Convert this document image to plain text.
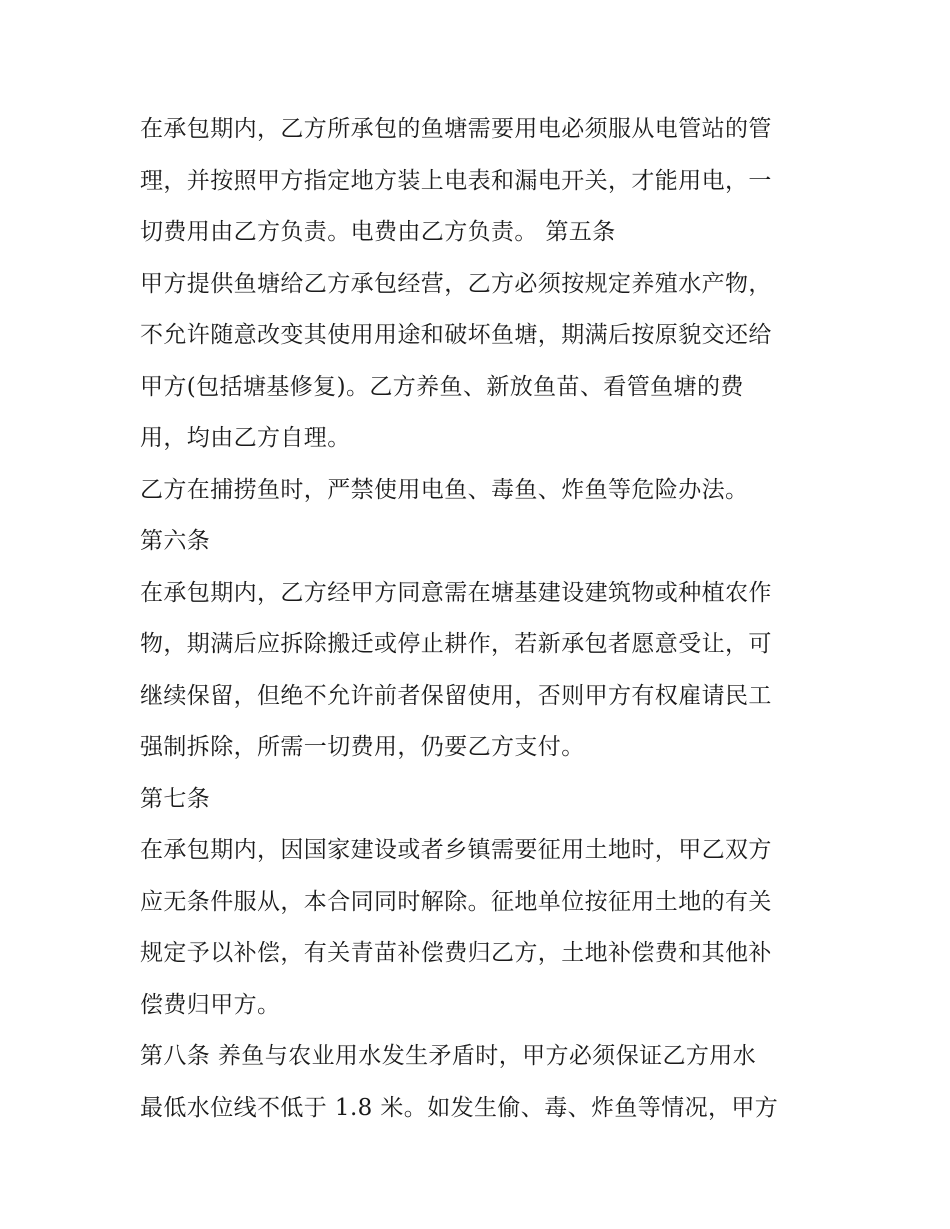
在承包期内，乙方所承包的鱼塘需要用电必须服从电管站的管
理，并按照甲方指定地方装上电表和漏电开关，才能用电，一
切费用由乙方负责。电费由乙方负责。 第五条
甲方提供鱼塘给乙方承包经营，乙方必须按规定养殖水产物，
不允许随意改变其使用用途和破坏鱼塘，期满后按原貌交还给
甲方(包括塘基修复)。乙方养鱼、新放鱼苗、看管鱼塘的费
用，均由乙方自理。
乙方在捕捞鱼时，严禁使用电鱼、毒鱼、炸鱼等危险办法。
第六条
在承包期内，乙方经甲方同意需在塘基建设建筑物或种植农作
物，期满后应拆除搬迁或停止耕作，若新承包者愿意受让，可
继续保留，但绝不允许前者保留使用，否则甲方有权雇请民工
强制拆除，所需一切费用，仍要乙方支付。
第七条
在承包期内，因国家建设或者乡镇需要征用土地时，甲乙双方
应无条件服从，本合同同时解除。征地单位按征用土地的有关
规定予以补偿，有关青苗补偿费归乙方，土地补偿费和其他补
偿费归甲方。
第八条 养鱼与农业用水发生矛盾时，甲方必须保证乙方用水
最低水位线不低于 1.8 米。如发生偷、毒、炸鱼等情况，甲方
